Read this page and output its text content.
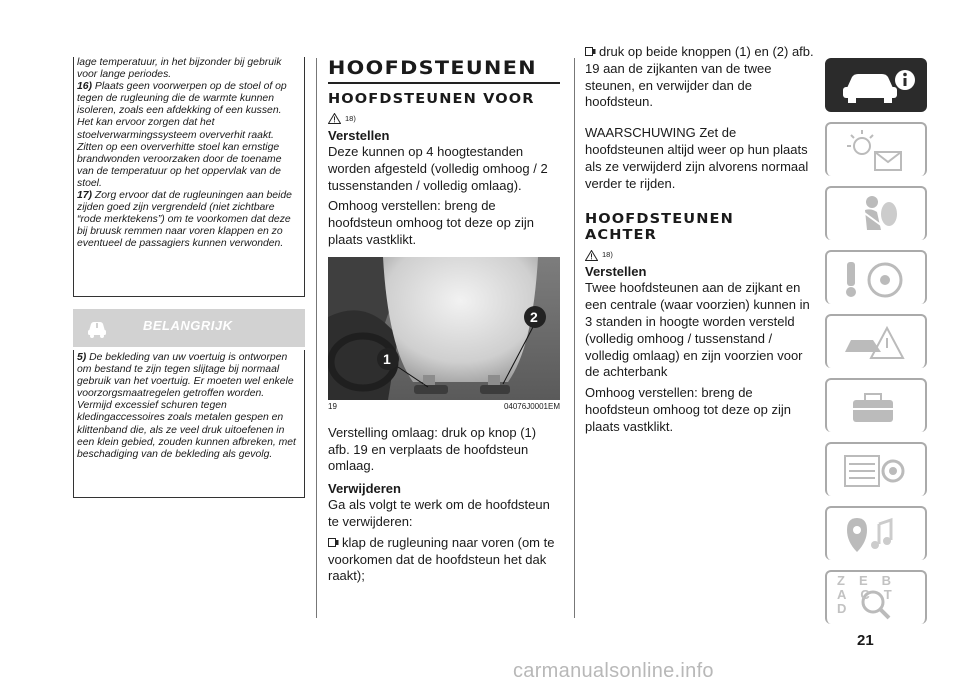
lage temperatuur, in het bijzonder bij gebruik voor lange periodes.

16) Plaats geen voorwerpen op de stoel of op tegen de rugleuning die de warmte kunnen isoleren, zoals een afdekking of een kussen. Het kan ervoor zorgen dat het stoelverwarmingssysteem oververhit raakt. Zitten op een oververhitte stoel kan ernstige brandwonden veroorzaken door de toename van de temperatuur op het oppervlak van de stoel.

17) Zorg ervoor dat de rugleuningen aan beide zijden goed zijn vergrendeld (niet zichtbare “rode merktekens”) om te voorkomen dat deze bij bruusk remmen naar voren klappen en zo eventueel de passagiers kunnen verwonden.

BELANGRIJK

5) De bekleding van uw voertuig is ontworpen om bestand te zijn tegen slijtage bij normaal gebruik van het voertuig. Er moeten wel enkele voorzorgsmaatregelen getroffen worden. Vermijd excessief schuren tegen kledingaccessoires zoals metalen gespen en klittenband die, als ze veel druk uitoefenen in een klein gebied, zouden kunnen afbreken, met beschadiging van de bekleding als gevolg.

HOOFDSTEUNEN
HOOFDSTEUNEN VOOR
18)
Verstellen

Deze kunnen op 4 hoogtestanden worden afgesteld (volledig omhoog / 2 tussenstanden / volledig omlaag).

Omhoog verstellen: breng de hoofdsteun omhoog tot deze op zijn plaats vastklikt.

1
2
19	04076J0001EM

Verstelling omlaag: druk op knop (1) afb. 19 en verplaats de hoofdsteun omlaag.

Verwijderen

Ga als volgt te werk om de hoofdsteun te verwijderen:

klap de rugleuning naar voren (om te voorkomen dat de hoofdsteun het dak raakt);

druk op beide knoppen (1) en (2) afb. 19 aan de zijkanten van de twee steunen, en verwijder dan de hoofdsteun.

WAARSCHUWING Zet de hoofdsteunen altijd weer op hun plaats als ze verwijderd zijn alvorens normaal verder te rijden.

HOOFDSTEUNEN
ACHTER
18)
Verstellen

Twee hoofdsteunen aan de zijkant en een centrale (waar voorzien) kunnen in 3 standen in hoogte worden versteld (volledig omhoog / tussenstand / volledig omlaag) en zijn voorzien voor de achterbank

Omhoog verstellen: breng de hoofdsteun omhoog tot deze op zijn plaats vastklikt.

ZEBACTD
21
carmanualsonline.info
